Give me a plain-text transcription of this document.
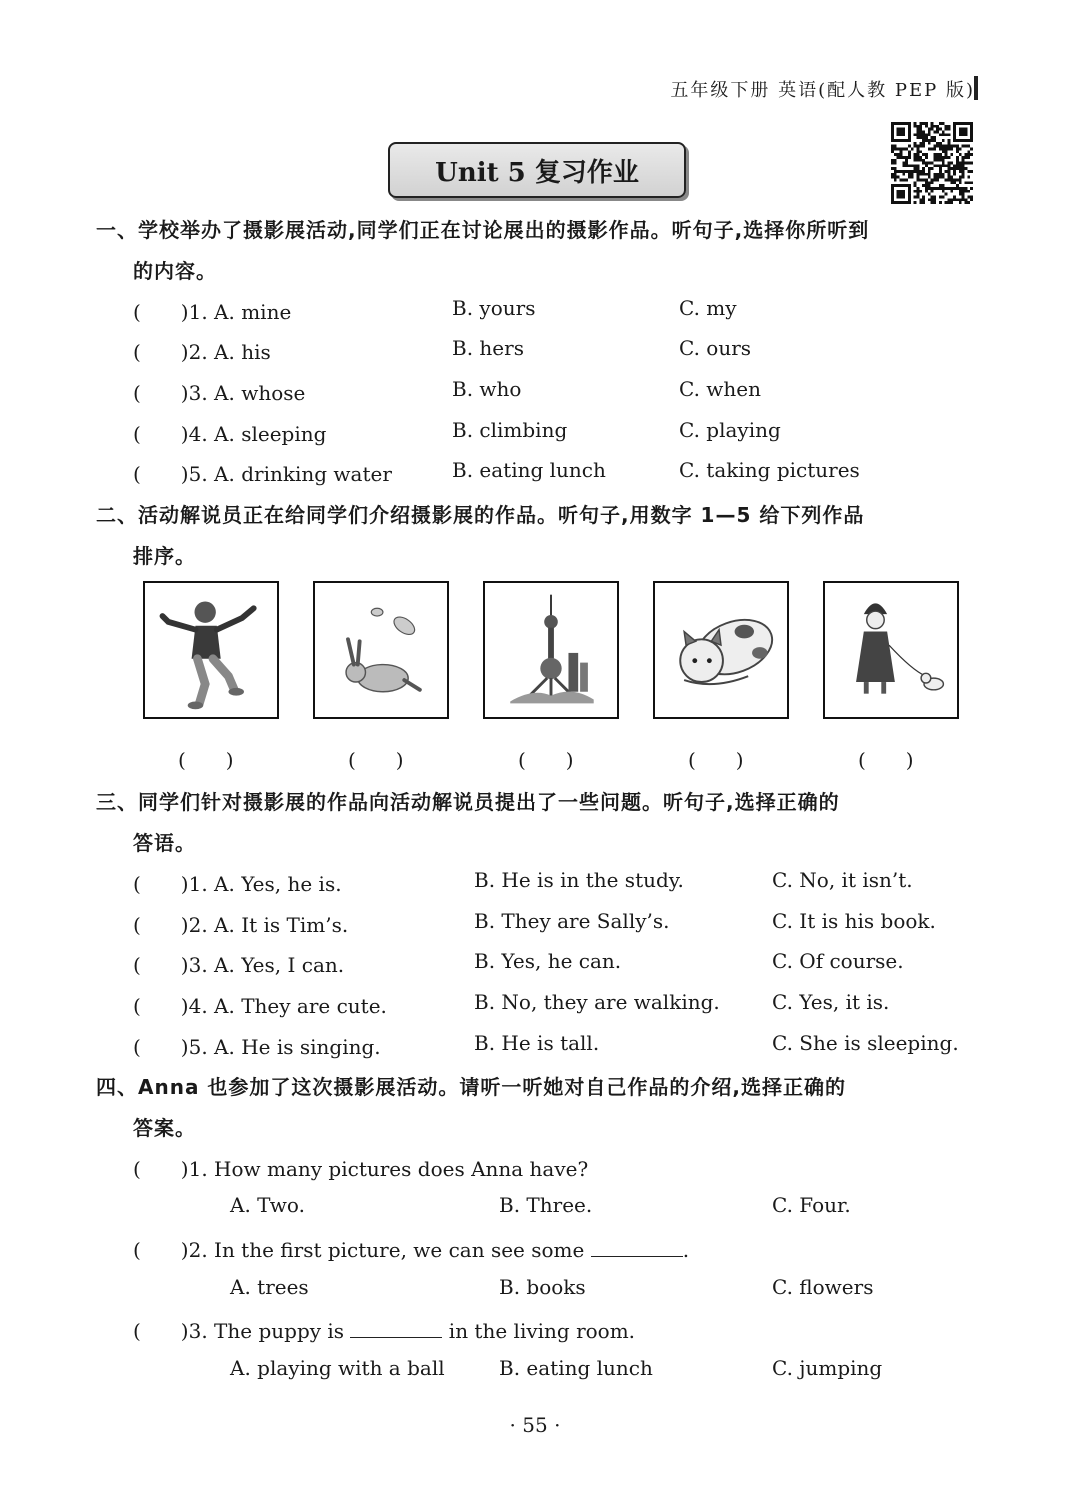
五年级下册 英语(配人教 PEP 版)
Unit 5 复习作业
一、学校举办了摄影展活动,同学们正在讨论展出的摄影作品。听句子,选择你所听到
的内容。
(　　)1. A. mine	B. yours	C. my
(　　)2. A. his	B. hers	C. ours
(　　)3. A. whose	B. who	C. when
(　　)4. A. sleeping	B. climbing	C. playing
(　　)5. A. drinking water	B. eating lunch	C. taking pictures
二、活动解说员正在给同学们介绍摄影展的作品。听句子,用数字 1—5 给下列作品
排序。
(　　)	(　　)	(　　)	(　　)	(　　)
三、同学们针对摄影展的作品向活动解说员提出了一些问题。听句子,选择正确的
答语。
(　　)1. A. Yes, he is.	B. He is in the study.	C. No, it isn’t.
(　　)2. A. It is Tim’s.	B. They are Sally’s.	C. It is his book.
(　　)3. A. Yes, I can.	B. Yes, he can.	C. Of course.
(　　)4. A. They are cute.	B. No, they are walking.	C. Yes, it is.
(　　)5. A. He is singing.	B. He is tall.	C. She is sleeping.
四、Anna 也参加了这次摄影展活动。请听一听她对自己作品的介绍,选择正确的
答案。
(　　)1. How many pictures does Anna have?
A. Two.	B. Three.	C. Four.
(　　)2. In the first picture, we can see some	.
A. trees	B. books	C. flowers
(　　)3. The puppy is	in the living room.
A. playing with a ball	B. eating lunch	C. jumping
· 55 ·
